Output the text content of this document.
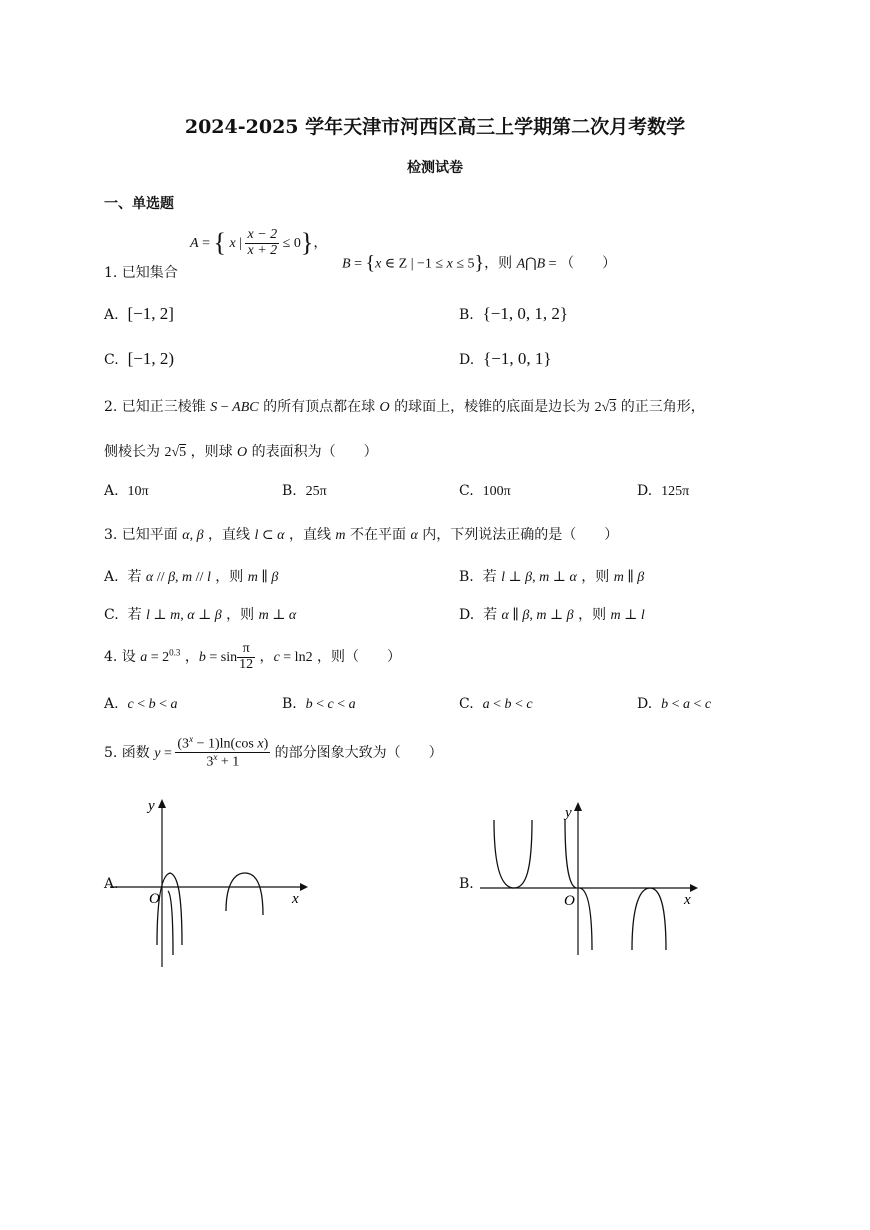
2024-2025 学年天津市河西区高三上学期第二次月考数学
检测试卷
一、单选题
1. 已知集合
A = { x | $\frac{x - 2}{x + 2} \le 0$}，
B = {x ∈ Z | −1 ≤ x ≤ 5}，则 A⋂B = （　　）
A.  [−1, 2]	B.  {−1, 0, 1, 2}
C.  [−1, 2)	D.  {−1, 0, 1}
2. 已知正三棱锥 S − ABC 的所有顶点都在球 O 的球面上，棱锥的底面是边长为 2√3 的正三角形，
侧棱长为 2√5 ，则球 O 的表面积为（　　）
A.  10π	B.  25π	C.  100π	D.  125π
3. 已知平面 α, β ，直线 l ⊂ α ，直线 m 不在平面 α 内，下列说法正确的是（　　）
A.  若 α // β, m // l ，则 m ∥ β	B.  若 l ⊥ β, m ⊥ α ，则 m ∥ β
C.  若 l ⊥ m, α ⊥ β ，则 m ⊥ α	D.  若 α ∥ β, m ⊥ β ，则 m ⊥ l
4. 设 $a = 2^{0.3}$ ，$b = \sin \frac{\pi}{12}$ ，c = ln2 ，则（　　）
A.  c < b < a	B.  b < c < a	C.  a < b < c	D.  b < a < c
5. 函数 $y = \frac{(3^x - 1)\ln(\cos x)}{3^x + 1}$ 的部分图象大致为（　　）
A.
y
x
O
B.
y
x
O
